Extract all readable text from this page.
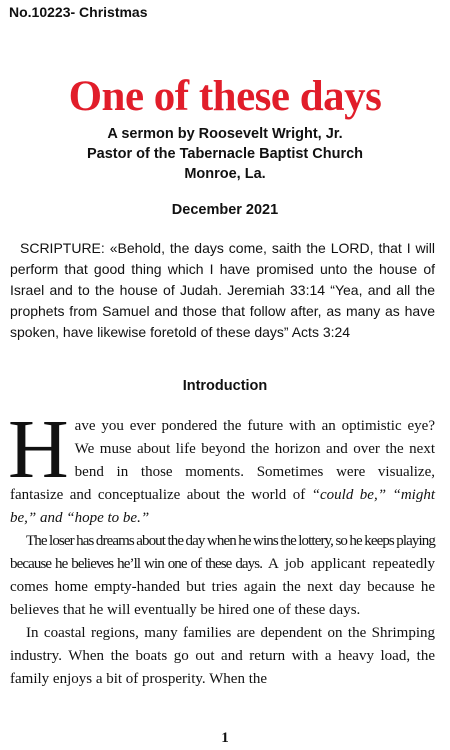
No.10223- Christmas
One of these days
A sermon by Roosevelt Wright, Jr.
Pastor of the Tabernacle Baptist Church
Monroe, La.
December 2021
SCRIPTURE: «Behold, the days come, saith the LORD, that I will perform that good thing which I have promised unto the house of Israel and to the house of Judah. Jeremiah 33:14 “Yea, and all the prophets from Samuel and those that follow after, as many as have spoken, have likewise foretold of these days” Acts 3:24
Introduction

Have you ever pondered the future with an optimistic eye? We muse about life beyond the horizon and over the next bend in those moments. Sometimes were visualize, fantasize and conceptualize about the world of “could be,” “might be,” and “hope to be.”

The loser has dreams about the day when he wins the lottery, so he keeps playing because he believes he’ll win one of these days. A job applicant repeatedly comes home empty-handed but tries again the next day because he believes that he will eventually be hired one of these days.

In coastal regions, many families are dependent on the Shrimping industry. When the boats go out and return with a heavy load, the family enjoys a bit of prosperity. When the

1
